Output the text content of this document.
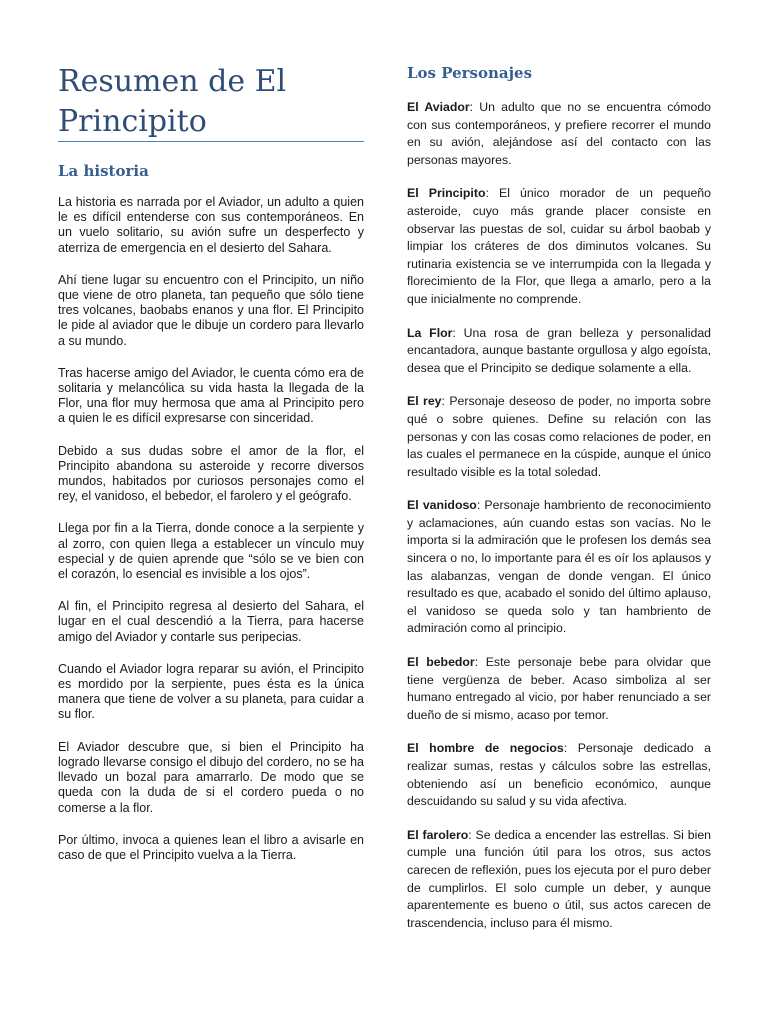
Resumen de El Principito
La historia

La historia es narrada por el Aviador, un adulto a quien le es difícil entenderse con sus contemporáneos. En un vuelo solitario, su avión sufre un desperfecto y aterriza de emergencia en el desierto del Sahara.

Ahí tiene lugar su encuentro con el Principito, un niño que viene de otro planeta, tan pequeño que sólo tiene tres volcanes, baobabs enanos y una flor. El Principito le pide al aviador que le dibuje un cordero para llevarlo a su mundo.

Tras hacerse amigo del Aviador, le cuenta cómo era de solitaria y melancólica su vida hasta la llegada de la Flor, una flor muy hermosa que ama al Principito pero a quien le es difícil expresarse con sinceridad.

Debido a sus dudas sobre el amor de la flor, el Principito abandona su asteroide y recorre diversos mundos, habitados por curiosos personajes como el rey, el vanidoso, el bebedor, el farolero y el geógrafo.

Llega por fin a la Tierra, donde conoce a la serpiente y al zorro, con quien llega a establecer un vínculo muy especial y de quien aprende que “sólo se ve bien con el corazón, lo esencial es invisible a los ojos”.

Al fin, el Principito regresa al desierto del Sahara, el lugar en el cual descendió a la Tierra, para hacerse amigo del Aviador y contarle sus peripecias.

Cuando el Aviador logra reparar su avión, el Principito es mordido por la serpiente, pues ésta es la única manera que tiene de volver a su planeta, para cuidar a su flor.

El Aviador descubre que, si bien el Principito ha logrado llevarse consigo el dibujo del cordero, no se ha llevado un bozal para amarrarlo. De modo que se queda con la duda de si el cordero pueda o no comerse a la flor.

Por último, invoca a quienes lean el libro a avisarle en caso de que el Principito vuelva a la Tierra.

Los Personajes

El Aviador: Un adulto que no se encuentra cómodo con sus contemporáneos, y prefiere recorrer el mundo en su avión, alejándose así del contacto con las personas mayores.

El Principito: El único morador de un pequeño asteroide, cuyo más grande placer consiste en observar las puestas de sol, cuidar su árbol baobab y limpiar los cráteres de dos diminutos volcanes. Su rutinaria existencia se ve interrumpida con la llegada y florecimiento de la Flor, que llega a amarlo, pero a la que inicialmente no comprende.

La Flor: Una rosa de gran belleza y personalidad encantadora, aunque bastante orgullosa y algo egoísta, desea que el Principito se dedique solamente a ella.

El rey: Personaje deseoso de poder, no importa sobre qué o sobre quienes. Define su relación con las personas y con las cosas como relaciones de poder, en las cuales el permanece en la cúspide, aunque el único resultado visible es la total soledad.

El vanidoso: Personaje hambriento de reconocimiento y aclamaciones, aún cuando estas son vacías. No le importa si la admiración que le profesen los demás sea sincera o no, lo importante para él es oír los aplausos y las alabanzas, vengan de donde vengan. El único resultado es que, acabado el sonido del último aplauso, el vanidoso se queda solo y tan hambriento de admiración como al principio.

El bebedor: Este personaje bebe para olvidar que tiene vergüenza de beber. Acaso simboliza al ser humano entregado al vicio, por haber renunciado a ser dueño de si mismo, acaso por temor.

El hombre de negocios: Personaje dedicado a realizar sumas, restas y cálculos sobre las estrellas, obteniendo así un beneficio económico, aunque descuidando su salud y su vida afectiva.

El farolero: Se dedica a encender las estrellas. Si bien cumple una función útil para los otros, sus actos carecen de reflexión, pues los ejecuta por el puro deber de cumplirlos. El solo cumple un deber, y aunque aparentemente es bueno o útil, sus actos carecen de trascendencia, incluso para él mismo.
